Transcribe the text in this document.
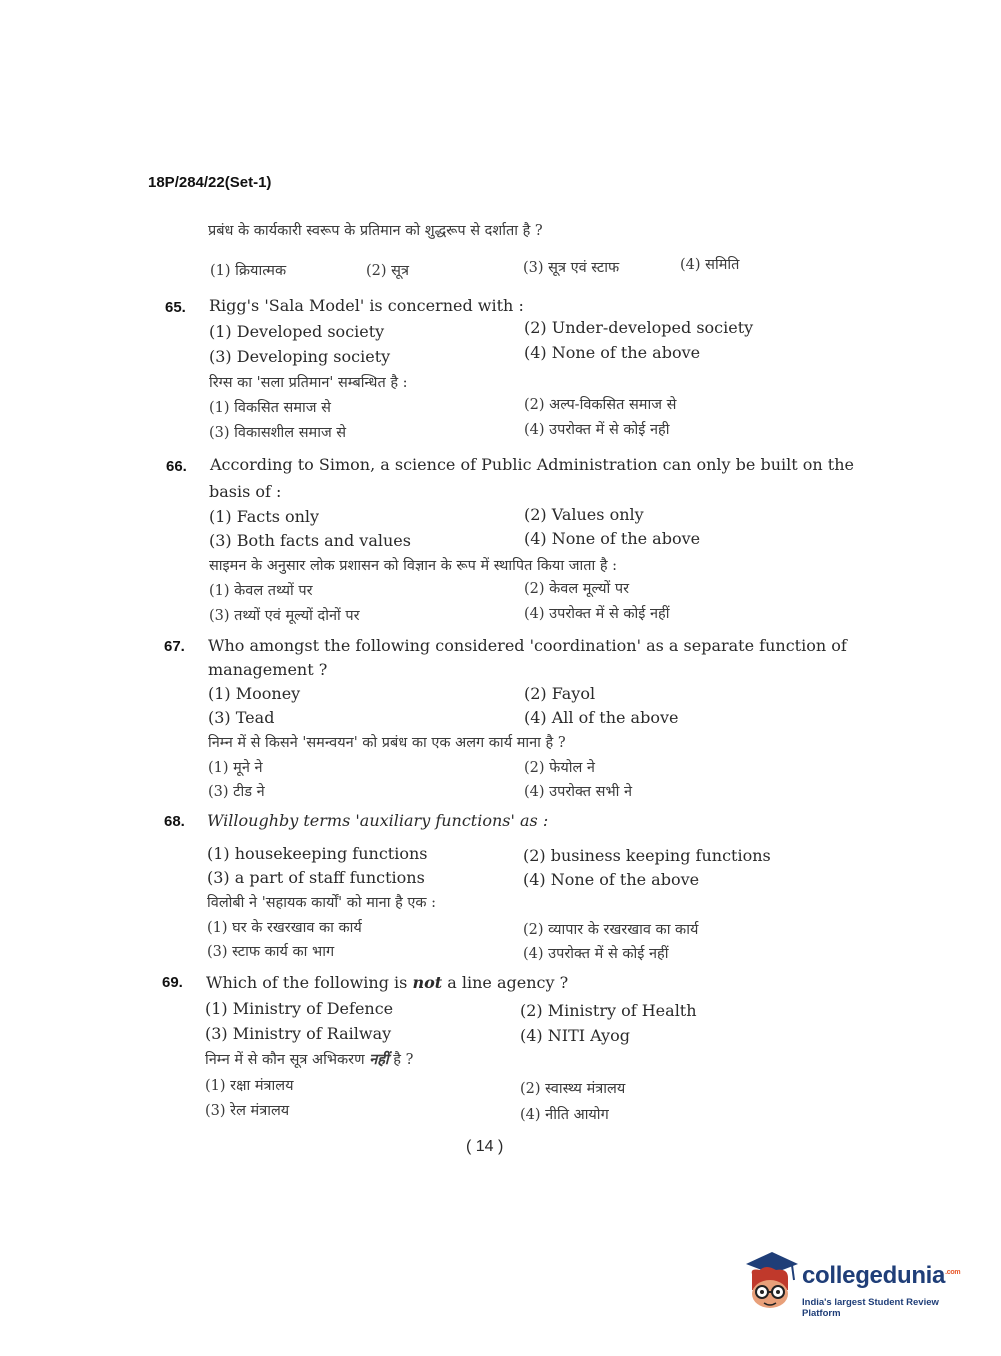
18P/284/22(Set-1)
प्रबंध के कार्यकारी स्वरूप के प्रतिमान को शुद्धरूप से दर्शाता है ?
(1) क्रियात्मक	(2) सूत्र	(3) सूत्र एवं स्टाफ	(4) समिति
65. Rigg's 'Sala Model' is concerned with :
(1) Developed society	(2) Under-developed society
(3) Developing society	(4) None of the above
रिग्स का 'सला प्रतिमान' सम्बन्धित है :
(1) विकसित समाज से	(2) अल्प-विकसित समाज से
(3) विकासशील समाज से	(4) उपरोक्त में से कोई नही
66. According to Simon, a science of Public Administration can only be built on the
basis of :
(1) Facts only	(2) Values only
(3) Both facts and values	(4) None of the above
साइमन के अनुसार लोक प्रशासन को विज्ञान के रूप में स्थापित किया जाता है :
(1) केवल तथ्यों पर	(2) केवल मूल्यों पर
(3) तथ्यों एवं मूल्यों दोनों पर	(4) उपरोक्त में से कोई नहीं
67. Who amongst the following considered 'coordination' as a separate function of
management ?
(1) Mooney	(2) Fayol
(3) Tead	(4) All of the above
निम्न में से किसने 'समन्वयन' को प्रबंध का एक अलग कार्य माना है ?
(1) मूने ने	(2) फेयोल ने
(3) टीड ने	(4) उपरोक्त सभी ने
68. Willoughby terms 'auxiliary functions' as :
(1) housekeeping functions	(2) business keeping functions
(3) a part of staff functions	(4) None of the above
विलोबी ने 'सहायक कार्यों' को माना है एक :
(1) घर के रखरखाव का कार्य	(2) व्यापार के रखरखाव का कार्य
(3) स्टाफ कार्य का भाग	(4) उपरोक्त में से कोई नहीं
69. Which of the following is not a line agency ?
(1) Ministry of Defence	(2) Ministry of Health
(3) Ministry of Railway	(4) NITI Ayog
निम्न में से कौन सूत्र अभिकरण नहीं है ?
(1) रक्षा मंत्रालय	(2) स्वास्थ्य मंत्रालय
(3) रेल मंत्रालय	(4) नीति आयोग
( 14 )
collegedunia$^{.com}$
India's largest Student Review Platform
